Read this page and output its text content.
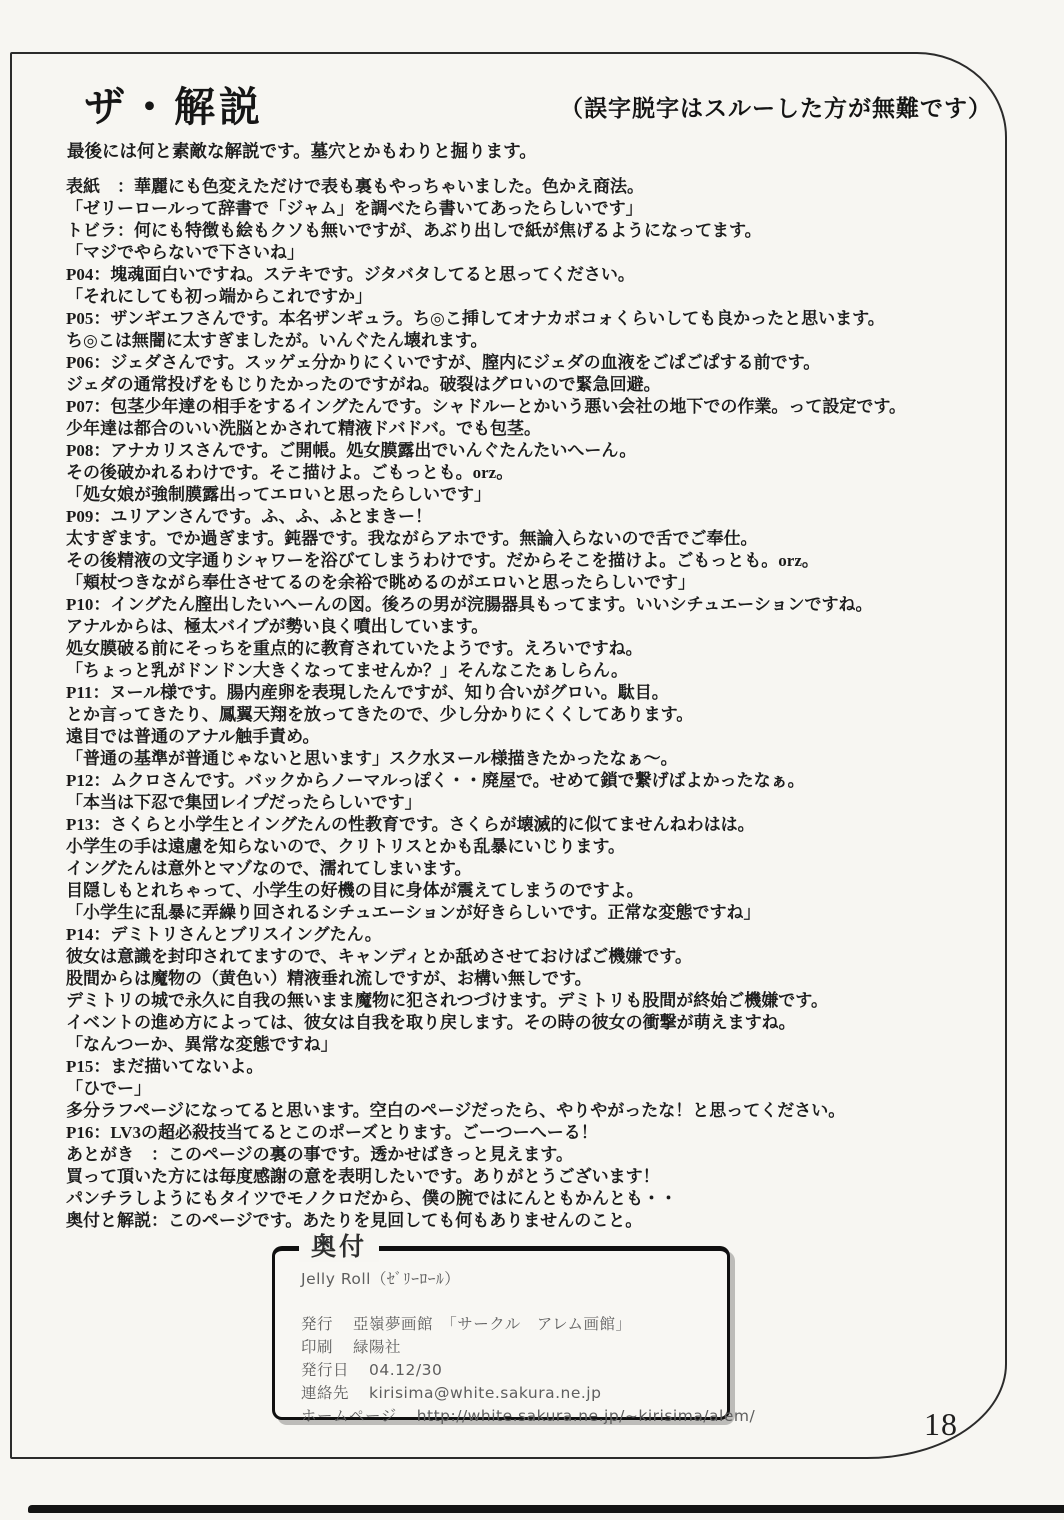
ザ・解説	（誤字脱字はスルーした方が無難です）
最後には何と素敵な解説です。墓穴とかもわりと掘ります。
表紙　：華麗にも色変えただけで表も裏もやっちゃいました。色かえ商法。
「ゼリーロールって辞書で「ジャム」を調べたら書いてあったらしいです」
トビラ：何にも特徴も絵もクソも無いですが、あぶり出しで紙が焦げるようになってます。
「マジでやらないで下さいね」
P04：塊魂面白いですね。ステキです。ジタバタしてると思ってください。
「それにしても初っ端からこれですか」
P05：ザンギエフさんです。本名ザンギュラ。ち◎こ挿してオナカボコォくらいしても良かったと思います。
ち◎こは無闇に太すぎましたが。いんぐたん壊れます。
P06：ジェダさんです。スッゲェ分かりにくいですが、膣内にジェダの血液をごぱごぱする前です。
ジェダの通常投げをもじりたかったのですがね。破裂はグロいので緊急回避。
P07：包茎少年達の相手をするイングたんです。シャドルーとかいう悪い会社の地下での作業。って設定です。
少年達は都合のいい洗脳とかされて精液ドバドバ。でも包茎。
P08：アナカリスさんです。ご開帳。処女膜露出でいんぐたんたいへーん。
その後破かれるわけです。そこ描けよ。ごもっとも。orz。
「処女娘が強制膜露出ってエロいと思ったらしいです」
P09：ユリアンさんです。ふ、ふ、ふとまきー！
太すぎます。でか過ぎます。鈍器です。我ながらアホです。無論入らないので舌でご奉仕。
その後精液の文字通りシャワーを浴びてしまうわけです。だからそこを描けよ。ごもっとも。orz。
「頬杖つきながら奉仕させてるのを余裕で眺めるのがエロいと思ったらしいです」
P10：イングたん膣出したいへーんの図。後ろの男が浣腸器具もってます。いいシチュエーションですね。
アナルからは、極太バイブが勢い良く噴出しています。
処女膜破る前にそっちを重点的に教育されていたようです。えろいですね。
「ちょっと乳がドンドン大きくなってませんか？」そんなこたぁしらん。
P11：ヌール様です。腸内産卵を表現したんですが、知り合いがグロい。駄目。
とか言ってきたり、鳳翼天翔を放ってきたので、少し分かりにくくしてあります。
遠目では普通のアナル触手責め。
「普通の基準が普通じゃないと思います」スク水ヌール様描きたかったなぁ〜。
P12：ムクロさんです。バックからノーマルっぽく・・廃屋で。せめて鎖で繋げばよかったなぁ。
「本当は下忍で集団レイプだったらしいです」
P13：さくらと小学生とイングたんの性教育です。さくらが壊滅的に似てませんねわはは。
小学生の手は遠慮を知らないので、クリトリスとかも乱暴にいじります。
イングたんは意外とマゾなので、濡れてしまいます。
目隠しもとれちゃって、小学生の好機の目に身体が震えてしまうのですよ。
「小学生に乱暴に弄繰り回されるシチュエーションが好きらしいです。正常な変態ですね」
P14：デミトリさんとブリスイングたん。
彼女は意識を封印されてますので、キャンディとか舐めさせておけばご機嫌です。
股間からは魔物の（黄色い）精液垂れ流しですが、お構い無しです。
デミトリの城で永久に自我の無いまま魔物に犯されつづけます。デミトリも股間が終始ご機嫌です。
イベントの進め方によっては、彼女は自我を取り戻します。その時の彼女の衝撃が萌えますね。
「なんつーか、異常な変態ですね」
P15：まだ描いてないよ。
「ひでー」
多分ラフページになってると思います。空白のページだったら、やりやがったな！と思ってください。
P16：LV3の超必殺技当てるとこのポーズとります。ごーつーへーる！
あとがき　：このページの裏の事です。透かせばきっと見えます。
買って頂いた方には毎度感謝の意を表明したいです。ありがとうございます！
パンチラしようにもタイツでモノクロだから、僕の腕ではにんともかんとも・・
奥付と解説：このページです。あたりを見回しても何もありませんのこと。
奥付
Jelly Roll（ｾﾞﾘｰﾛｰﾙ）
発行 亞嶺夢画館　「サークル　アレム画館」
印刷 緑陽社
発行日 04.12/30
連絡先 kirisima@white.sakura.ne.jp
ホームページ http://white.sakura.ne.jp/~kirisima/alem/	18
